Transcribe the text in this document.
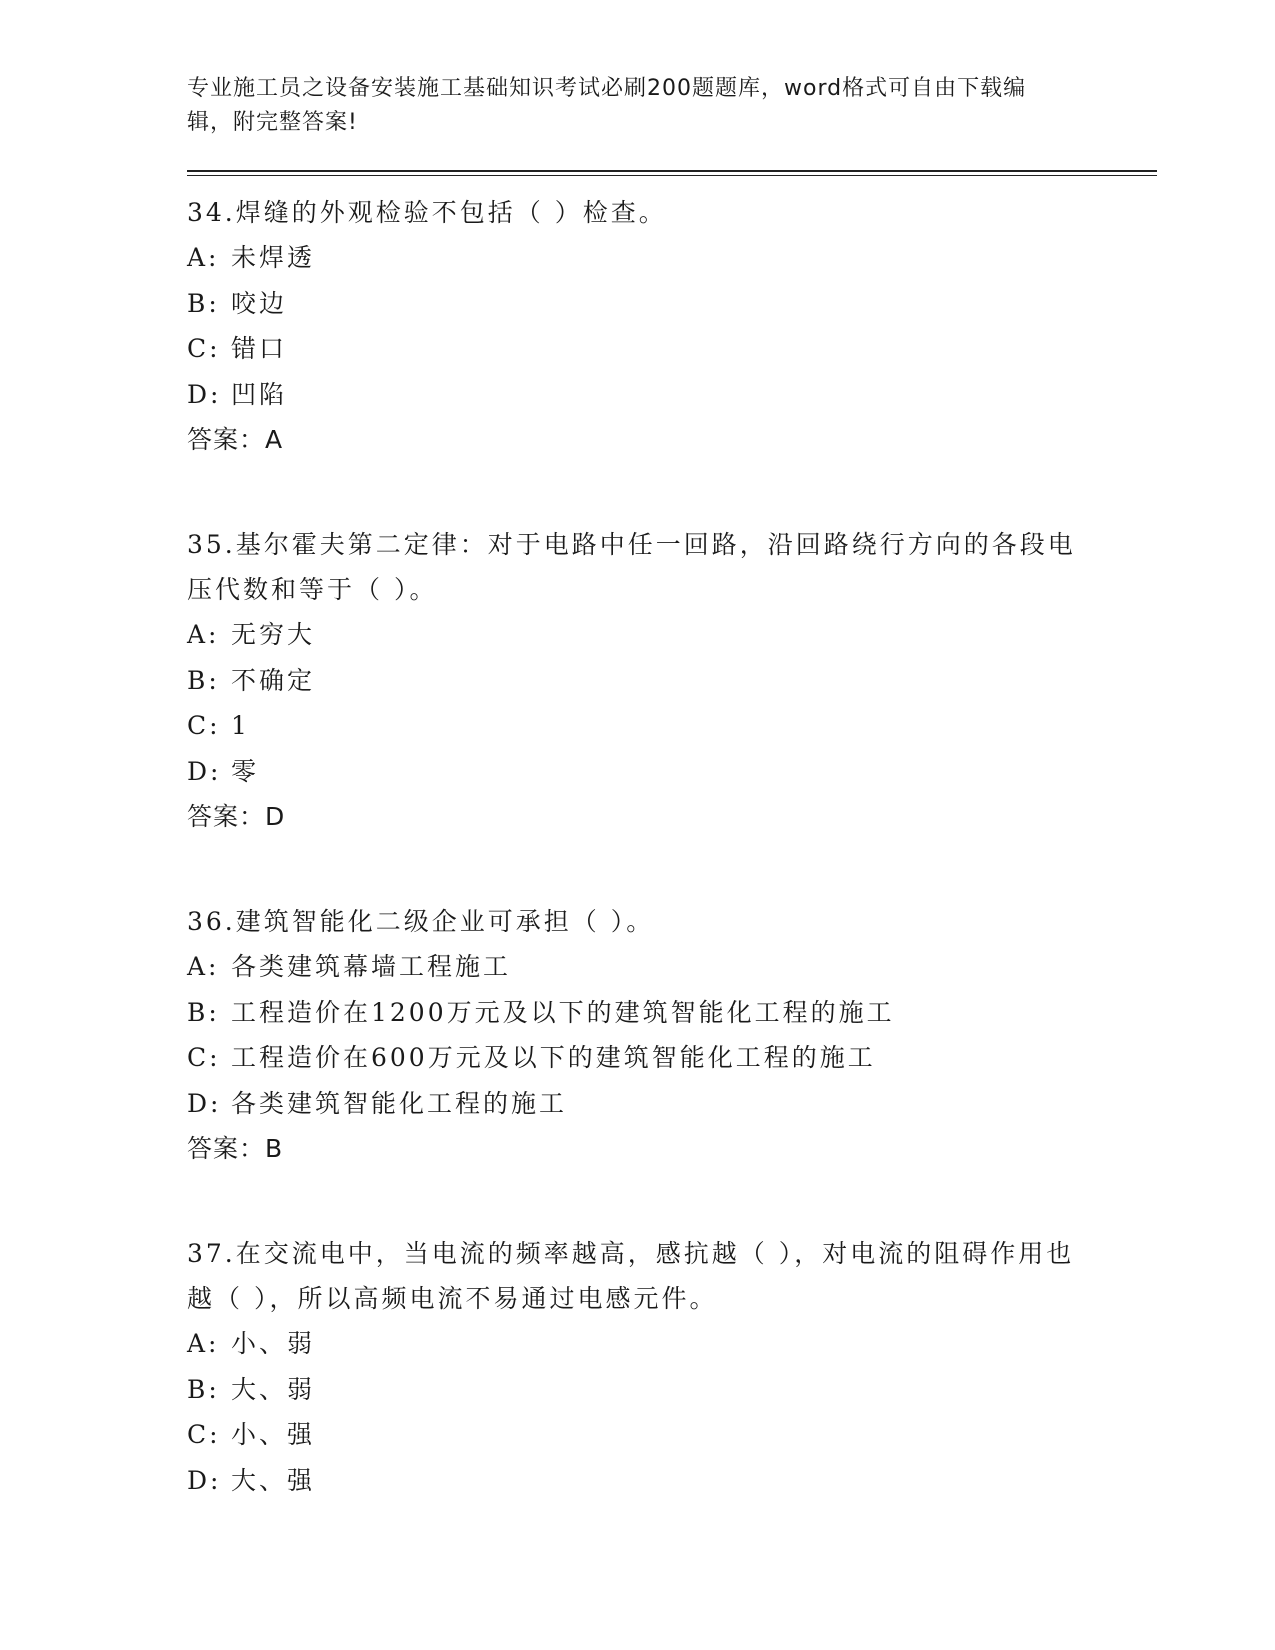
专业施工员之设备安装施工基础知识考试必刷200题题库，word格式可自由下载编辑，附完整答案!

34.焊缝的外观检验不包括（ ）检查。

A: 未焊透
B: 咬边
C: 错口
D: 凹陷

答案：A

35.基尔霍夫第二定律：对于电路中任一回路，沿回路绕行方向的各段电压代数和等于（ ）。

A: 无穷大
B: 不确定
C: 1
D: 零

答案：D

36.建筑智能化二级企业可承担（ ）。

A: 各类建筑幕墙工程施工
B: 工程造价在1200万元及以下的建筑智能化工程的施工
C: 工程造价在600万元及以下的建筑智能化工程的施工
D: 各类建筑智能化工程的施工

答案：B

37.在交流电中，当电流的频率越高，感抗越（ ），对电流的阻碍作用也越（ ），所以高频电流不易通过电感元件。

A: 小、弱
B: 大、弱
C: 小、强
D: 大、强
